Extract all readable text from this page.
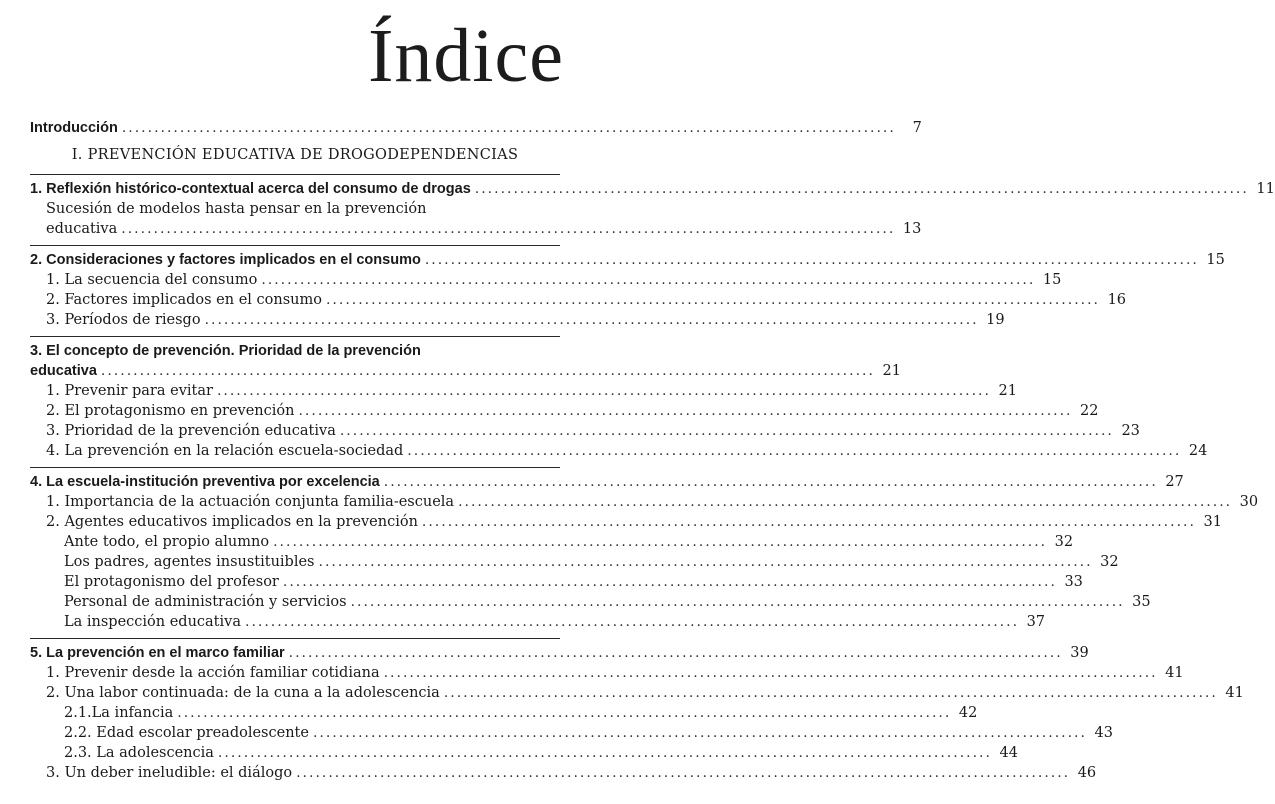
Índice
Introducción ........................................................................................................................	7
I. PREVENCIÓN EDUCATIVA DE DROGODEPENDENCIAS
1. Reflexión histórico-contextual acerca del consumo de drogas ........................................................................................................................ 11
Sucesión de modelos hasta pensar en la prevención
educativa ........................................................................................................................ 13
2. Consideraciones y factores implicados en el consumo ........................................................................................................................ 15
1. La secuencia del consumo ........................................................................................................................ 15
2. Factores implicados en el consumo ........................................................................................................................ 16
3. Períodos de riesgo ........................................................................................................................ 19
3. El concepto de prevención. Prioridad de la prevención
educativa ........................................................................................................................ 21
1. Prevenir para evitar ........................................................................................................................ 21
2. El protagonismo en prevención ........................................................................................................................ 22
3. Prioridad de la prevención educativa ........................................................................................................................ 23
4. La prevención en la relación escuela-sociedad ........................................................................................................................ 24
4. La escuela-institución preventiva por excelencia ........................................................................................................................ 27
1. Importancia de la actuación conjunta familia-escuela ........................................................................................................................ 30
2. Agentes educativos implicados en la prevención ........................................................................................................................ 31
Ante todo, el propio alumno ........................................................................................................................ 32
Los padres, agentes insustituibles ........................................................................................................................ 32
El protagonismo del profesor ........................................................................................................................ 33
Personal de administración y servicios ........................................................................................................................ 35
La inspección educativa ........................................................................................................................ 37
5. La prevención en el marco familiar ........................................................................................................................ 39
1. Prevenir desde la acción familiar cotidiana ........................................................................................................................ 41
2. Una labor continuada: de la cuna a la adolescencia ........................................................................................................................ 41
2.1.La infancia ........................................................................................................................ 42
2.2. Edad escolar preadolescente ........................................................................................................................ 43
2.3. La adolescencia ........................................................................................................................ 44
3. Un deber ineludible: el diálogo ........................................................................................................................ 46
